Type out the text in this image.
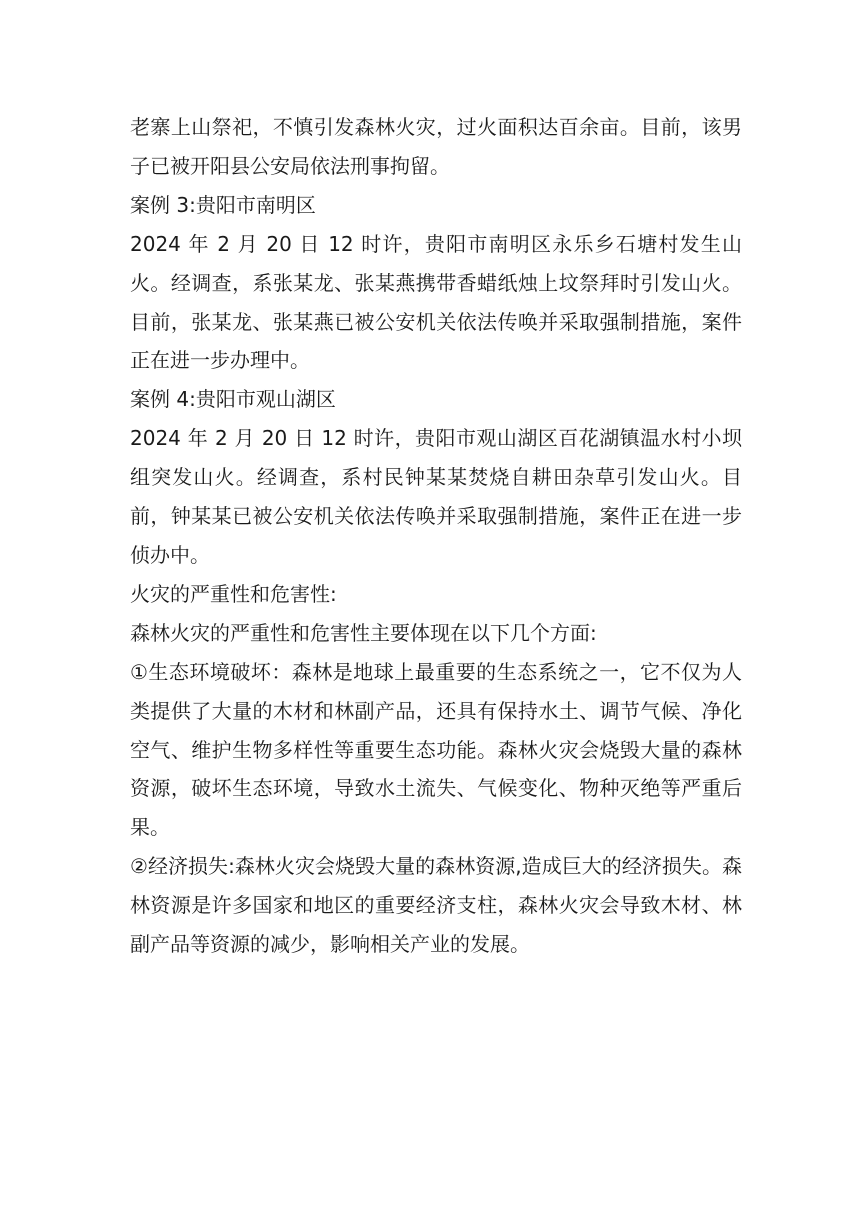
老寨上山祭祀，不慎引发森林火灾，过火面积达百余亩。目前，该男子已被开阳县公安局依法刑事拘留。

案例 3:贵阳市南明区

2024 年 2 月 20 日 12 时许，贵阳市南明区永乐乡石塘村发生山火。经调查，系张某龙、张某燕携带香蜡纸烛上坟祭拜时引发山火。目前，张某龙、张某燕已被公安机关依法传唤并采取强制措施，案件正在进一步办理中。

案例 4:贵阳市观山湖区

2024 年 2 月 20 日 12 时许，贵阳市观山湖区百花湖镇温水村小坝组突发山火。经调查，系村民钟某某焚烧自耕田杂草引发山火。目前，钟某某已被公安机关依法传唤并采取强制措施，案件正在进一步侦办中。

火灾的严重性和危害性:

森林火灾的严重性和危害性主要体现在以下几个方面:

①生态环境破坏：森林是地球上最重要的生态系统之一，它不仅为人类提供了大量的木材和林副产品，还具有保持水土、调节气候、净化空气、维护生物多样性等重要生态功能。森林火灾会烧毁大量的森林资源，破坏生态环境，导致水土流失、气候变化、物种灭绝等严重后果。

②经济损失:森林火灾会烧毁大量的森林资源,造成巨大的经济损失。森林资源是许多国家和地区的重要经济支柱，森林火灾会导致木材、林副产品等资源的减少，影响相关产业的发展。
